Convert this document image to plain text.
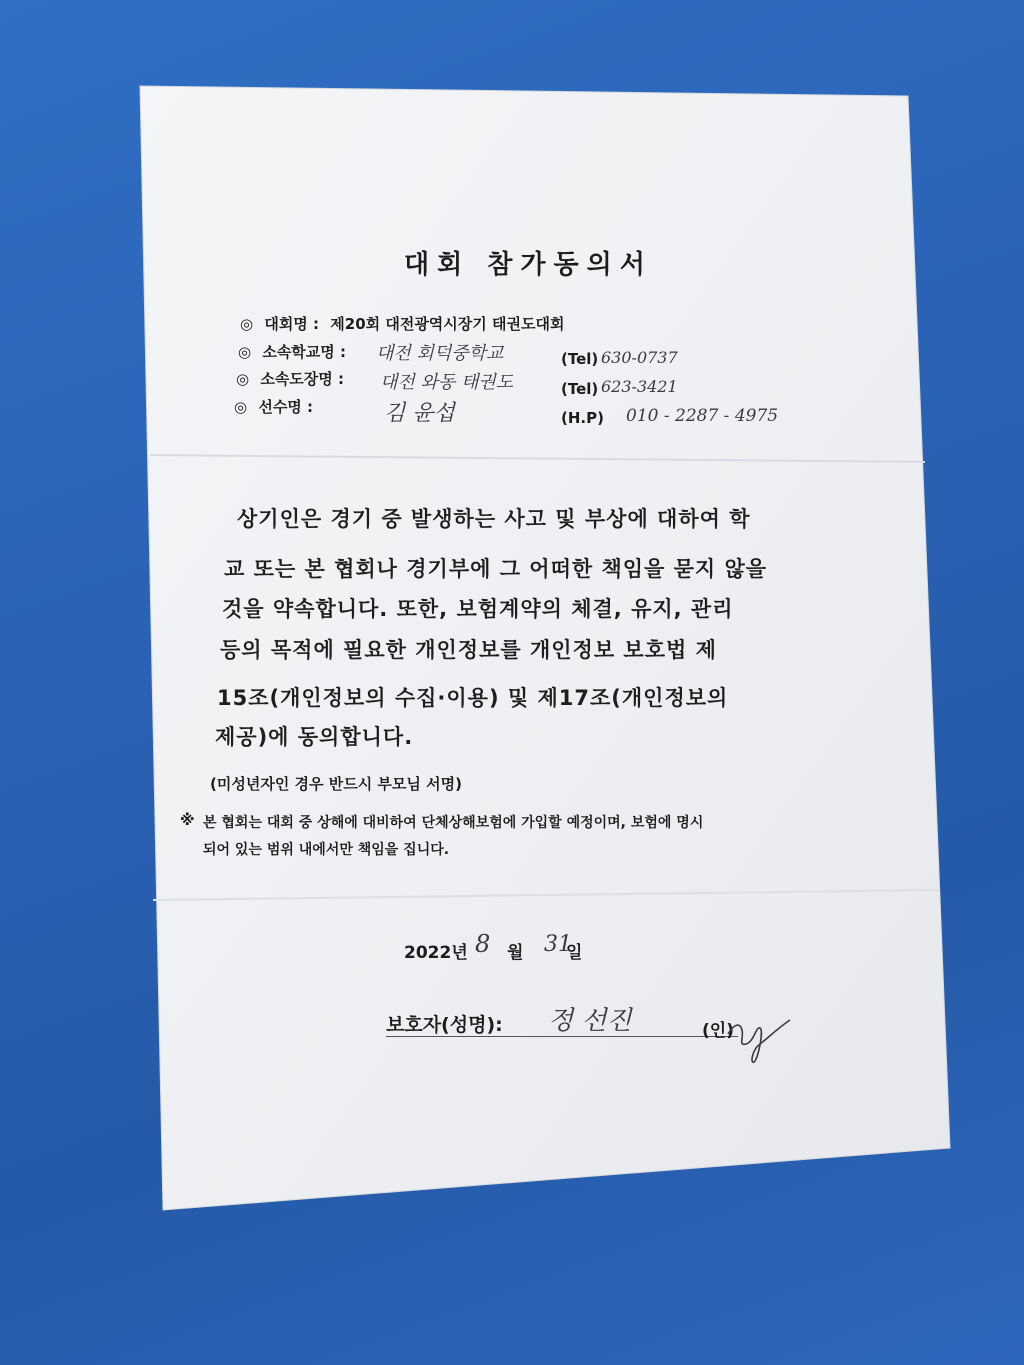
대회 참가동의서
◎ 대회명 : 제20회 대전광역시장기 태권도대회
◎ 소속학교명 : 대전 회덕중학교	(Tel) 630-0737
◎ 소속도장명 : 대전 와동 태권도	(Tel) 623-3421
◎ 선수명 :	김 윤섭	(H.P) 010 - 2287 - 4975
상기인은 경기 중 발생하는 사고 및 부상에 대하여 학
교 또는 본 협회나 경기부에 그 어떠한 책임을 묻지 않을
것을 약속합니다. 또한, 보험계약의 체결, 유지, 관리
등의 목적에 필요한 개인정보를 개인정보 보호법 제
15조(개인정보의 수집·이용) 및 제17조(개인정보의
제공)에 동의합니다.
(미성년자인 경우 반드시 부모님 서명)
※ 본 협회는 대회 중 상해에 대비하여 단체상해보험에 가입할 예정이며, 보험에 명시
되어 있는 범위 내에서만 책임을 집니다.
2022년 8 월 31
일
보호자(성명): 정 선진	(인)
